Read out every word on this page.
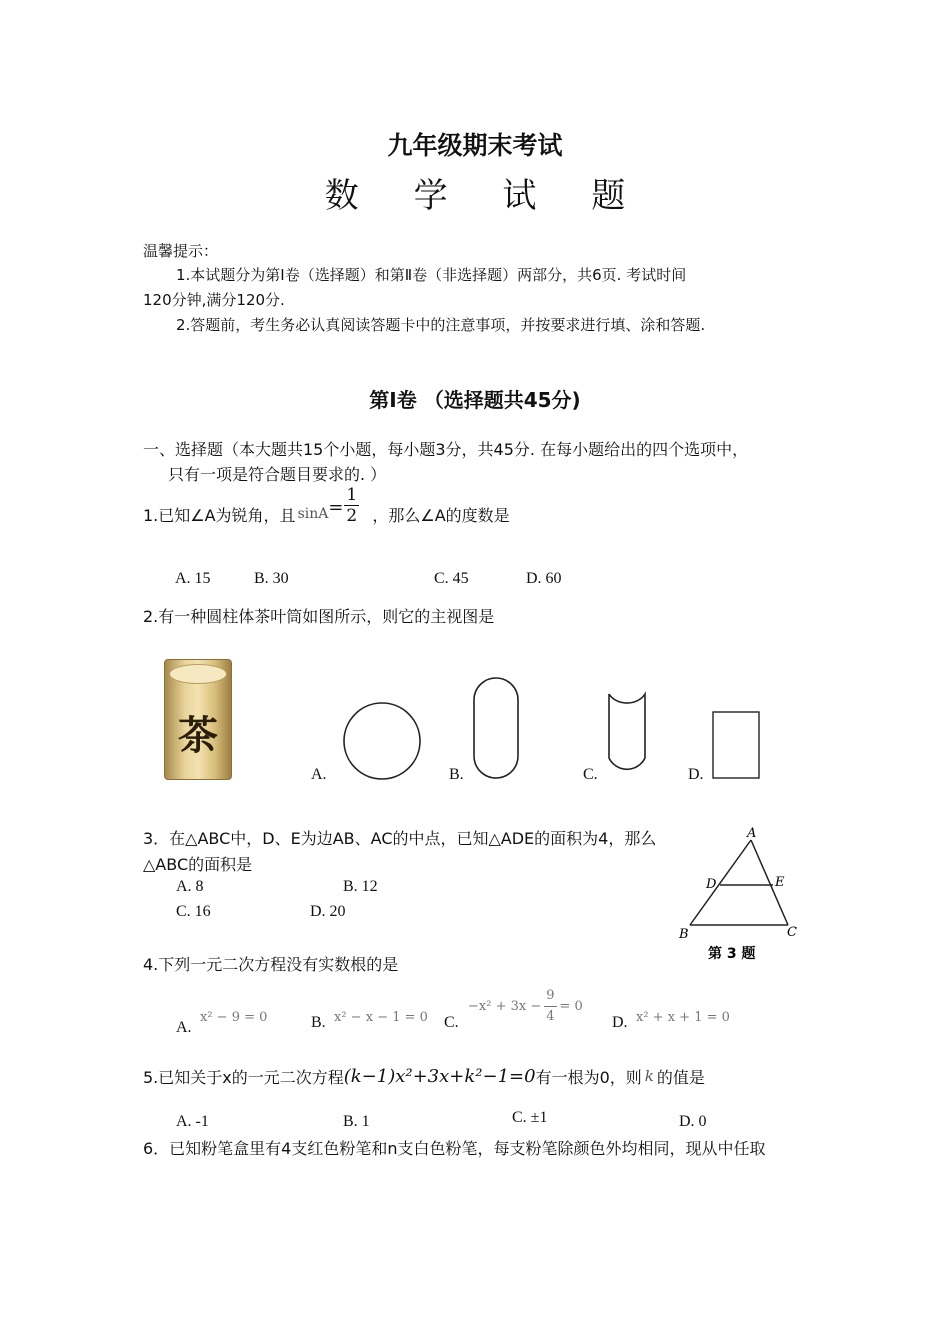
九年级期末考试
数 学 试 题
温馨提示：
1.本试题分为第Ⅰ卷（选择题）和第Ⅱ卷（非选择题）两部分，共6页. 考试时间
120分钟,满分120分.
2.答题前，考生务必认真阅读答题卡中的注意事项，并按要求进行填、涂和答题.
第Ⅰ卷 （选择题共45分)
一、选择题（本大题共15个小题，每小题3分，共45分. 在每小题给出的四个选项中，
只有一项是符合题目要求的. ）
1.已知∠A为锐角，且 $\sin A = \frac{1}{2}$ ，那么∠A的度数是
A. 15	B. 30	C. 45	D. 60
2.有一种圆柱体茶叶筒如图所示，则它的主视图是
茶
A.	B.	C.	D.
3．在△ABC中，D、E为边AB、AC的中点，已知△ADE的面积为4，那么
△ABC的面积是
A. 8	B. 12
C. 16	D. 20
A
D	E
B	C
第 3 题
4.下列一元二次方程没有实数根的是
A.
x² − 9 = 0	B. x² − x − 1 = 0 C.
$-x^2 + 3x - \frac{9}{4} = 0$
D. x² + x + 1 = 0
5.已知关于x的一元二次方程 (k−1)x²+3x+k²−1=0 有一根为0，则 k 的值是
A. -1	B. 1	C. ±1	D. 0
6．已知粉笔盒里有4支红色粉笔和n支白色粉笔，每支粉笔除颜色外均相同，现从中任取
